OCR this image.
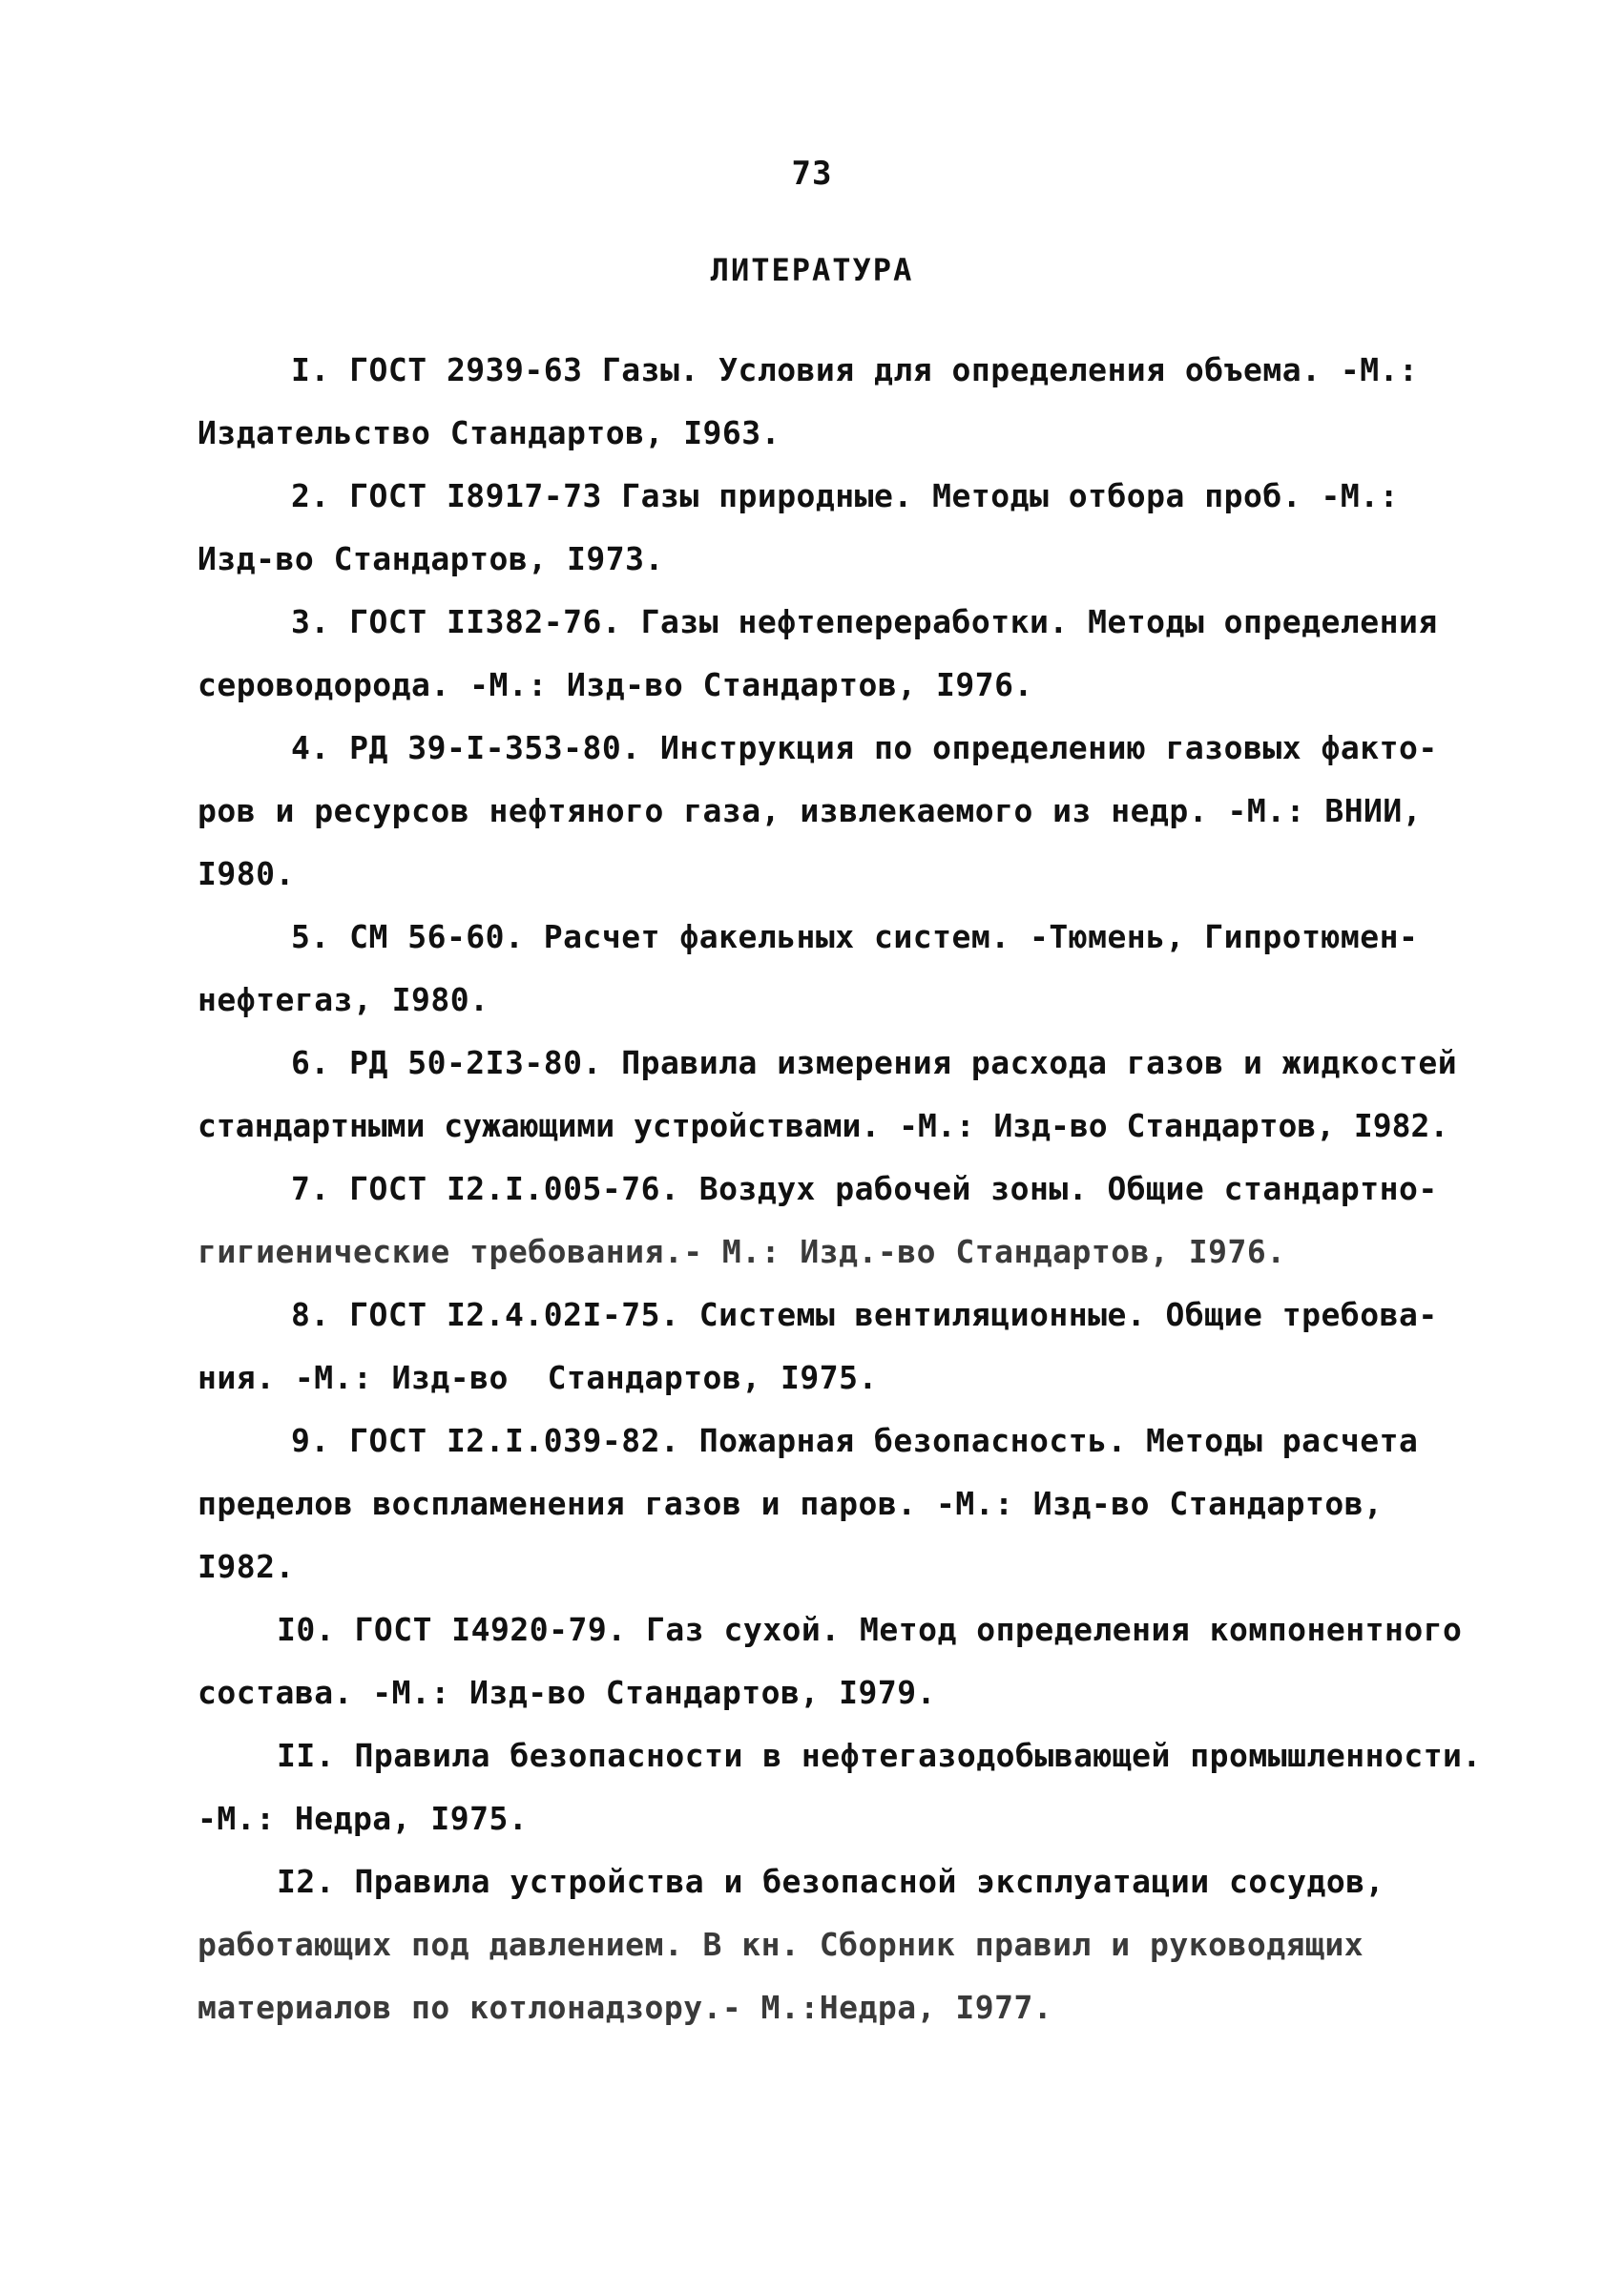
73
ЛИТЕРАТУРА
I. ГОСТ 2939-63 Газы. Условия для определения объема. -М.:
Издательство Стандартов, I963.
2. ГОСТ I8917-73 Газы природные. Методы отбора проб. -М.:
Изд-во Стандартов, I973.
3. ГОСТ II382-76. Газы нефтепереработки. Методы определения
сероводорода. -М.: Изд-во Стандартов, I976.
4. РД 39-I-353-80. Инструкция по определению газовых факто-
ров и ресурсов нефтяного газа, извлекаемого из недр. -М.: ВНИИ,
I980.
5. СМ 56-60. Расчет факельных систем. -Тюмень, Гипротюмен-
нефтегаз, I980.
6. РД 50-2I3-80. Правила измерения расхода газов и жидкостей
стандартными сужающими устройствами. -М.: Изд-во Стандартов, I982.
7. ГОСТ I2.I.005-76. Воздух рабочей зоны. Общие стандартно-
гигиенические требования.- М.: Изд.-во Стандартов, I976.
8. ГОСТ I2.4.02I-75. Системы вентиляционные. Общие требова-
ния. -М.: Изд-во  Стандартов, I975.
9. ГОСТ I2.I.039-82. Пожарная безопасность. Методы расчета
пределов воспламенения газов и паров. -М.: Изд-во Стандартов,
I982.
I0. ГОСТ I4920-79. Газ сухой. Метод определения компонентного
состава. -М.: Изд-во Стандартов, I979.
II. Правила безопасности в нефтегазодобывающей промышленности.
-М.: Недра, I975.
I2. Правила устройства и безопасной эксплуатации сосудов,
работающих под давлением. В кн. Сборник правил и руководящих
материалов по котлонадзору.- М.:Недра, I977.
